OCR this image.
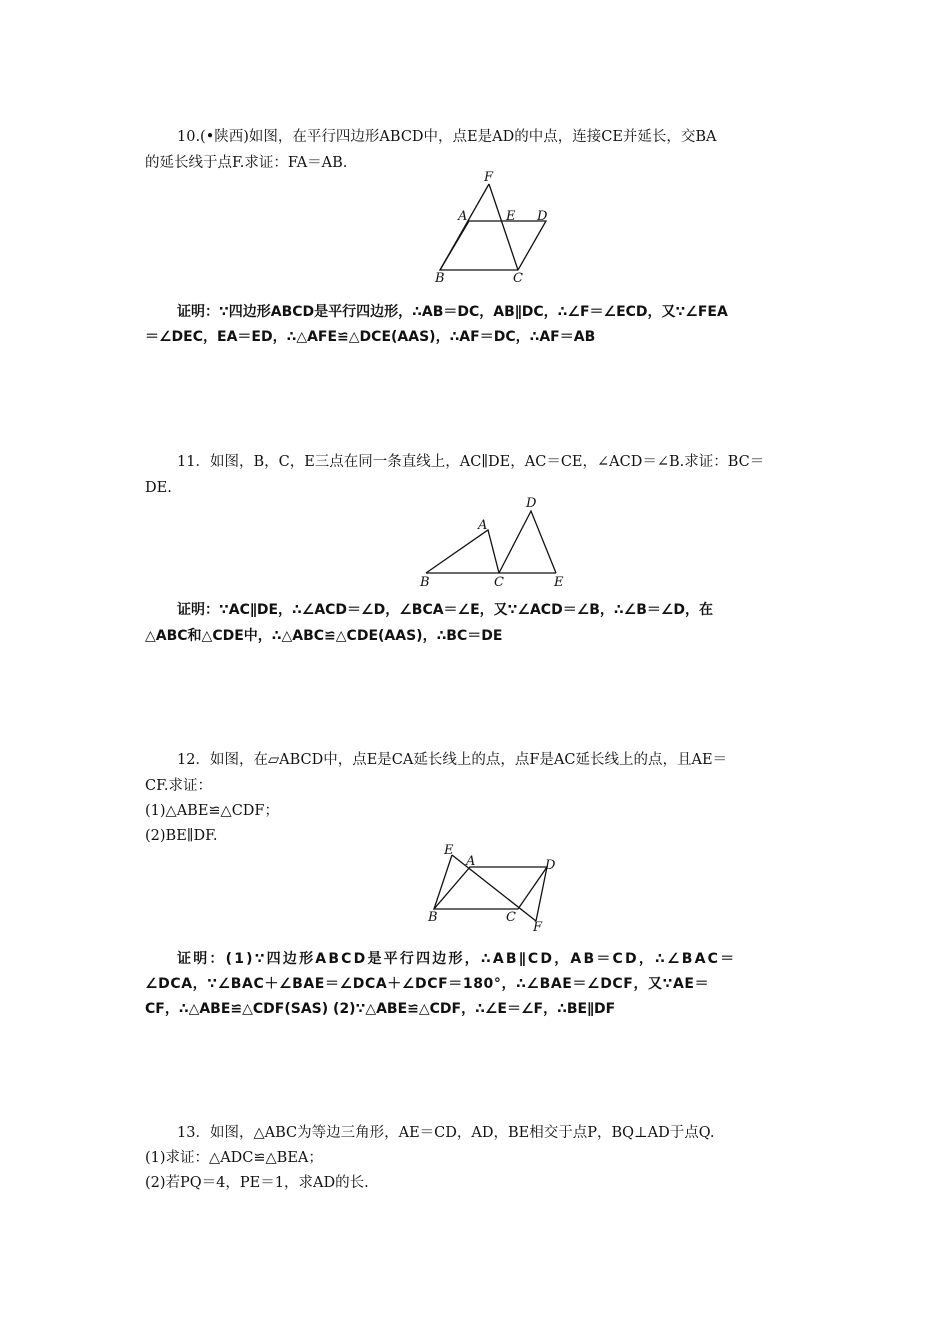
10.(•陕西)如图，在平行四边形ABCD中，点E是AD的中点，连接CE并延长，交BA
的延长线于点F.求证：FA＝AB.
F
A	E D
B	C
证明：∵四边形ABCD是平行四边形，∴AB＝DC，AB∥DC，∴∠F＝∠ECD，又∵∠FEA
＝∠DEC，EA＝ED，∴△AFE≌△DCE(AAS)，∴AF＝DC，∴AF＝AB
11．如图，B，C，E三点在同一条直线上，AC∥DE，AC＝CE，∠ACD＝∠B.求证：BC＝
DE.
D
A
B	C	E
证明：∵AC∥DE，∴∠ACD＝∠D，∠BCA＝∠E，又∵∠ACD＝∠B，∴∠B＝∠D，在
△ABC和△CDE中，∴△ABC≌△CDE(AAS)，∴BC＝DE
12．如图，在▱ABCD中，点E是CA延长线上的点，点F是AC延长线上的点，且AE＝
CF.求证：
(1)△ABE≌△CDF；
(2)BE∥DF.
E
A	D
B	C
F
证明：(1)∵四边形ABCD是平行四边形，∴AB∥CD，AB＝CD，∴∠BAC＝
∠DCA，∵∠BAC＋∠BAE＝∠DCA＋∠DCF＝180°，∴∠BAE＝∠DCF，又∵AE＝
CF，∴△ABE≌△CDF(SAS) (2)∵△ABE≌△CDF，∴∠E＝∠F，∴BE∥DF
13．如图，△ABC为等边三角形，AE＝CD，AD，BE相交于点P，BQ⊥AD于点Q.
(1)求证：△ADC≌△BEA；
(2)若PQ＝4，PE＝1，求AD的长.
